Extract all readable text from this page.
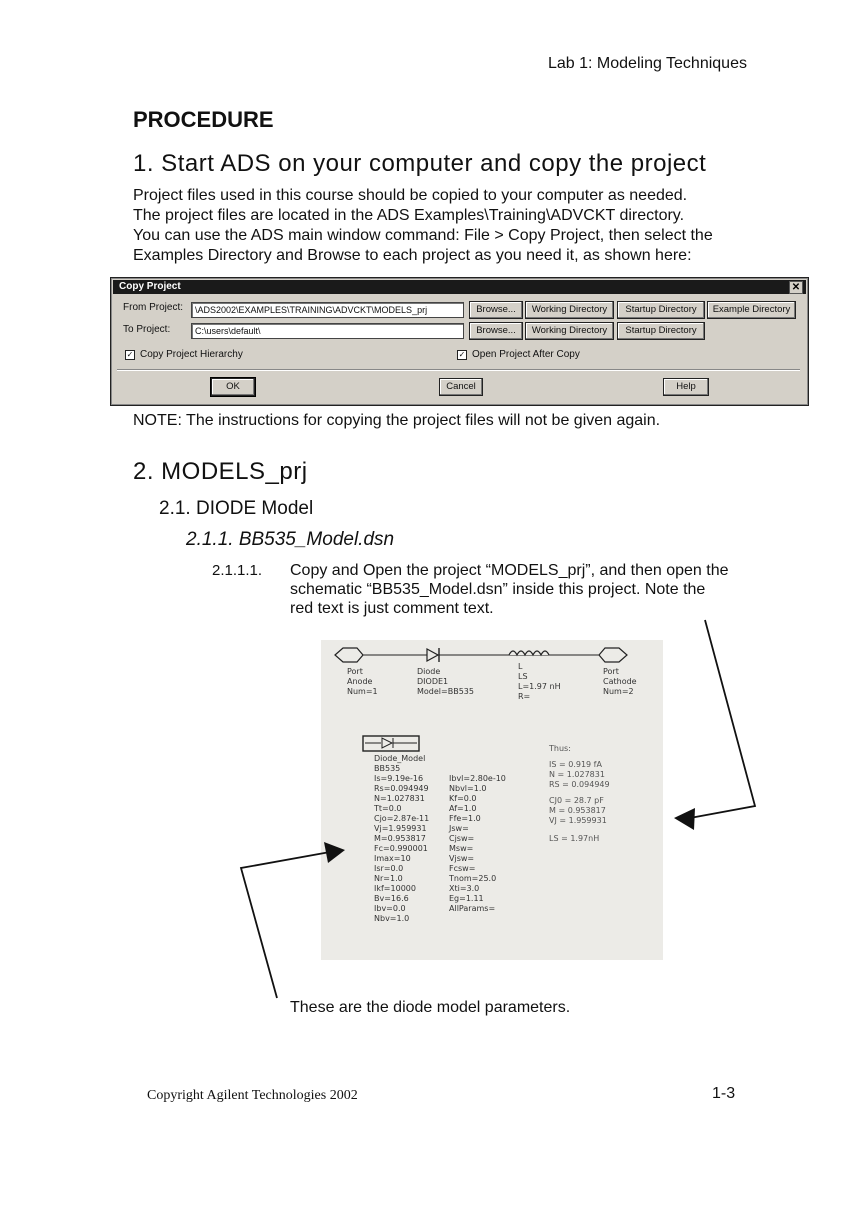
Lab 1: Modeling Techniques
PROCEDURE
1. Start ADS on your computer and copy the project
Project files used in this course should be copied to your computer as needed.
The project files are located in the ADS Examples\Training\ADVCKT directory.
You can use the ADS main window command: File > Copy Project, then select the
Examples Directory and Browse to each project as you need it, as shown here:
Copy Project	✕
From Project:	\ADS2002\EXAMPLES\TRAINING\ADVCKT\MODELS_prj	Browse...	Working Directory	Startup Directory	Example Directory
To Project:	C:\users\default\	Browse...	Working Directory	Startup Directory
✓ Copy Project Hierarchy	✓ Open Project After Copy
OK	Cancel	Help
NOTE: The instructions for copying the project files will not be given again.
2. MODELS_prj
2.1. DIODE Model
2.1.1. BB535_Model.dsn
2.1.1.1. Copy and Open the project “MODELS_prj”, and then open the
schematic “BB535_Model.dsn” inside this project. Note the
red text is just comment text.
Port
Anode
Num=1
Diode
DIODE1
Model=BB535
L
LS
L=1.97 nH
R=
Port
Cathode
Num=2
Diode_Model
BB535
Is=9.19e-16
Rs=0.094949
N=1.027831
Tt=0.0
Cjo=2.87e-11
Vj=1.959931
M=0.953817
Fc=0.990001
Imax=10
Isr=0.0
Nr=1.0
Ikf=10000
Bv=16.6
Ibv=0.0
Nbv=1.0
Ibvl=2.80e-10
Nbvl=1.0
Kf=0.0
Af=1.0
Ffe=1.0
Jsw=
Cjsw=
Msw=
Vjsw=
Fcsw=
Tnom=25.0
Xti=3.0
Eg=1.11
AllParams=
Thus:
IS = 0.919 fA
N = 1.027831
RS = 0.094949
CJ0 = 28.7 pF
M = 0.953817
VJ = 1.959931
LS = 1.97nH
These are the diode model parameters.
Copyright Agilent Technologies 2002	1-3
